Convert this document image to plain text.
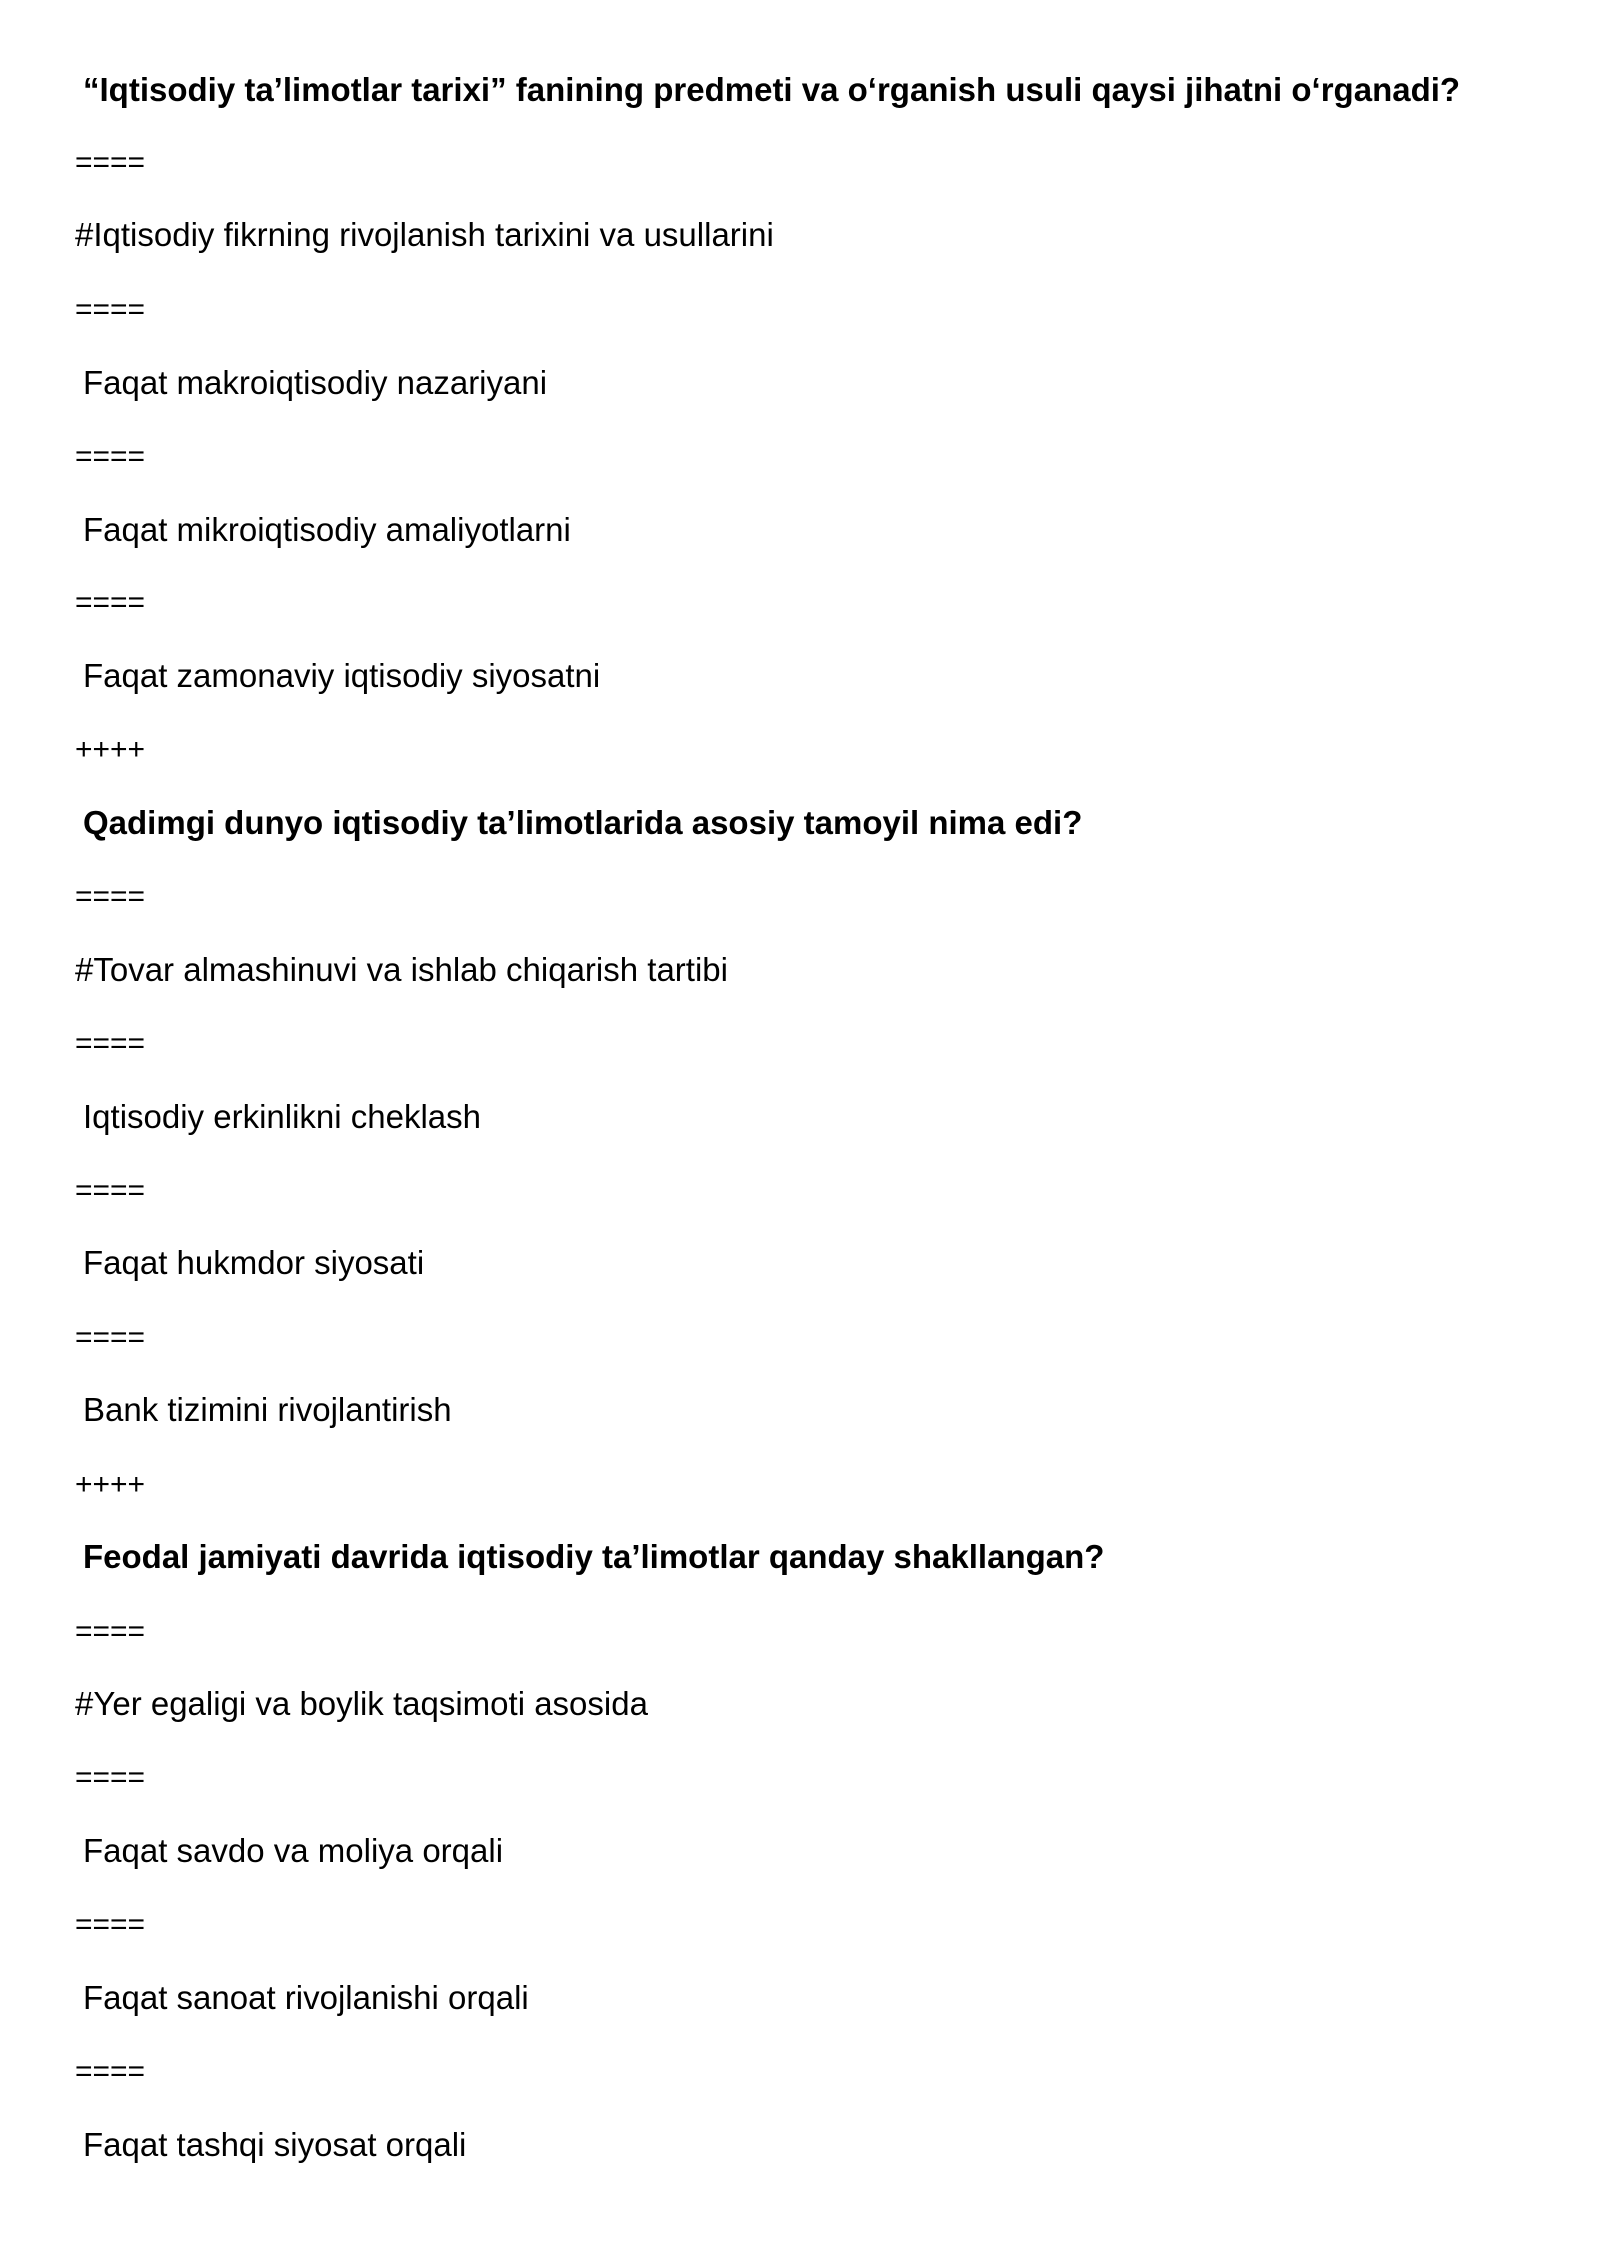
“Iqtisodiy ta’limotlar tarixi” fanining predmeti va o‘rganish usuli qaysi jihatni o‘rganadi?
====
#Iqtisodiy fikrning rivojlanish tarixini va usullarini
====
Faqat makroiqtisodiy nazariyani
====
Faqat mikroiqtisodiy amaliyotlarni
====
Faqat zamonaviy iqtisodiy siyosatni
++++
Qadimgi dunyo iqtisodiy ta’limotlarida asosiy tamoyil nima edi?
====
#Tovar almashinuvi va ishlab chiqarish tartibi
====
Iqtisodiy erkinlikni cheklash
====
Faqat hukmdor siyosati
====
Bank tizimini rivojlantirish
++++
Feodal jamiyati davrida iqtisodiy ta’limotlar qanday shakllangan?
====
#Yer egaligi va boylik taqsimoti asosida
====
Faqat savdo va moliya orqali
====
Faqat sanoat rivojlanishi orqali
====
Faqat tashqi siyosat orqali
